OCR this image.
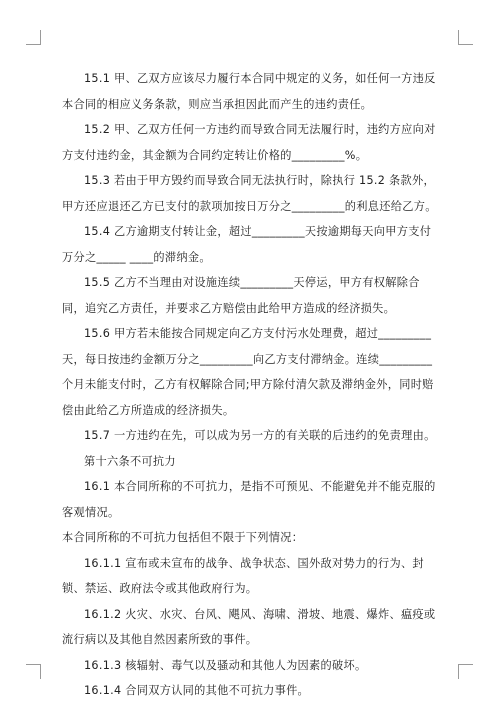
15.1 甲、乙双方应该尽力履行本合同中规定的义务，如任何一方违反本合同的相应义务条款，则应当承担因此而产生的违约责任。

15.2 甲、乙双方任何一方违约而导致合同无法履行时，违约方应向对方支付违约金，其金额为合同约定转让价格的_________%。

15.3 若由于甲方毁约而导致合同无法执行时，除执行 15.2 条款外，甲方还应退还乙方已支付的款项加按日万分之_________的利息还给乙方。

15.4 乙方逾期支付转让金，超过_________天按逾期每天向甲方支付万分之_____ ____的滞纳金。

15.5 乙方不当理由对设施连续_________天停运，甲方有权解除合同，追究乙方责任，并要求乙方赔偿由此给甲方造成的经济损失。

15.6 甲方若未能按合同规定向乙方支付污水处理费，超过_________天，每日按违约金额万分之_________向乙方支付滞纳金。连续_________个月未能支付时，乙方有权解除合同;甲方除付清欠款及滞纳金外，同时赔偿由此给乙方所造成的经济损失。

15.7 一方违约在先，可以成为另一方的有关联的后违约的免责理由。

第十六条不可抗力

16.1 本合同所称的不可抗力，是指不可预见、不能避免并不能克服的客观情况。

本合同所称的不可抗力包括但不限于下列情况：

16.1.1 宣布或未宣布的战争、战争状态、国外敌对势力的行为、封锁、禁运、政府法令或其他政府行为。

16.1.2 火灾、水灾、台风、飓风、海啸、滑坡、地震、爆炸、瘟疫或流行病以及其他自然因素所致的事件。

16.1.3 核辐射、毒气以及骚动和其他人为因素的破坏。

16.1.4 合同双方认同的其他不可抗力事件。
